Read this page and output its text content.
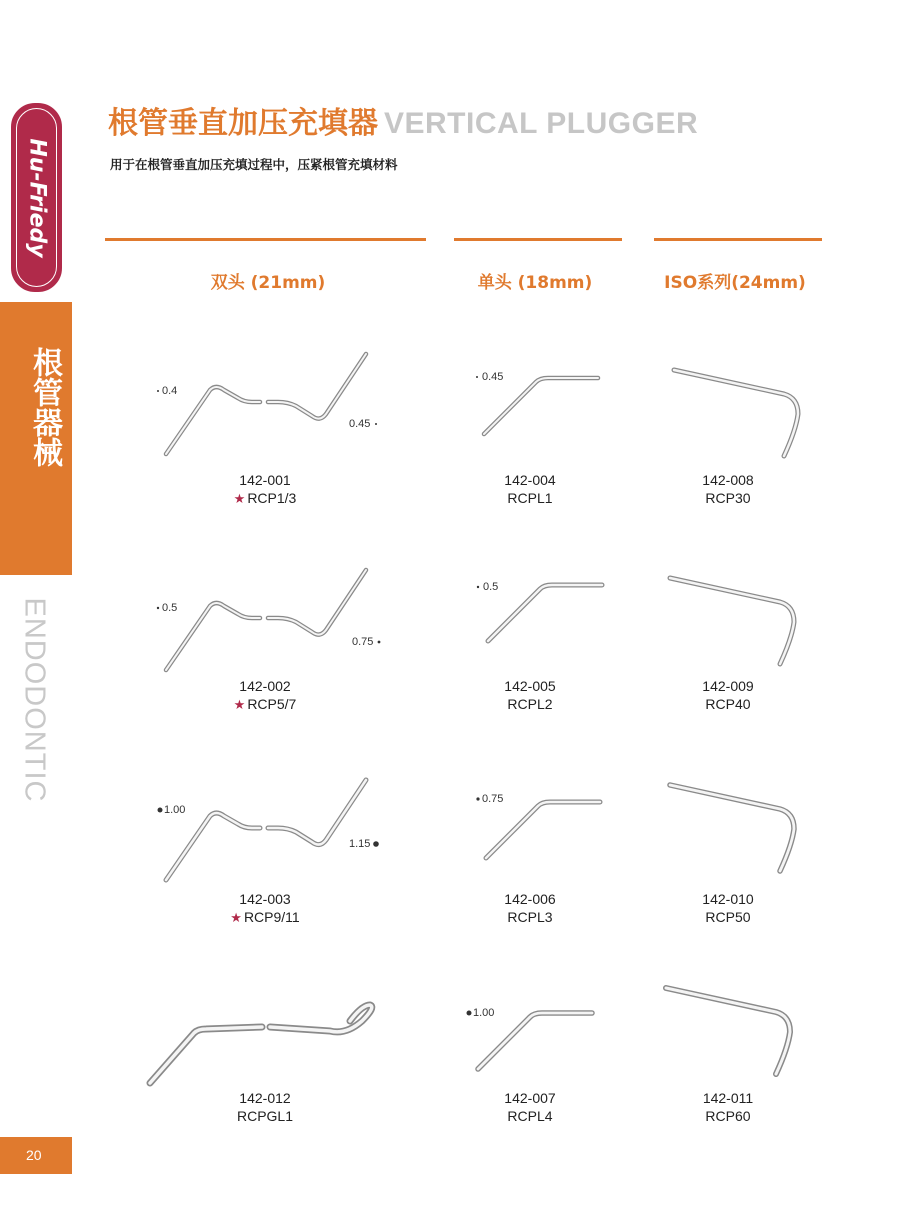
Hu-Friedy
根管器械
ENDODONTIC
20
根管垂直加压充填器 VERTICAL PLUGGER
用于在根管垂直加压充填过程中，压紧根管充填材料
双头 (21mm)	单头 (18mm)	ISO系列(24mm)
0.4
0.45
0.5
0.75
1.00
1.15
0.45
0.5
0.75
1.00
142-001
★ RCP1/3
142-002
★ RCP5/7
142-003
★ RCP9/11
142-012
RCPGL1
142-004
RCPL1
142-005
RCPL2
142-006
RCPL3
142-007
RCPL4
142-008
RCP30
142-009
RCP40
142-010
RCP50
142-011
RCP60
